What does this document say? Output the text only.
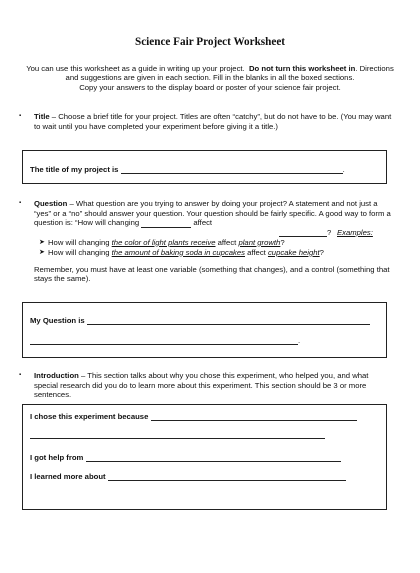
Science Fair Project Worksheet
You can use this worksheet as a guide in writing up your project. Do not turn this worksheet in. Directions and suggestions are given in each section. Fill in the blanks in all the boxed sections.
Copy your answers to the display board or poster of your science fair project.
▪ Title – Choose a brief title for your project. Titles are often “catchy”, but do not have to be. (You may want to wait until you have completed your experiment before giving it a title.)
The title of my project is	.
▪ Question – What question are you trying to answer by doing your project? A statement and not just a “yes” or a “no” should answer your question. Your question should be fairly specific. A good way to form a question is: “How will changing	affect
? Examples:
➤ How will changing the color of light plants receive affect plant growth?
➤ How will changing the amount of baking soda in cupcakes affect cupcake height?
Remember, you must have at least one variable (something that changes), and a control (something that stays the same).
My Question is
.
▪ Introduction – This section talks about why you chose this experiment, who helped you, and what special research did you do to learn more about this experiment. This section should be 3 or more sentences.
I chose this experiment because
I got help from
I learned more about
